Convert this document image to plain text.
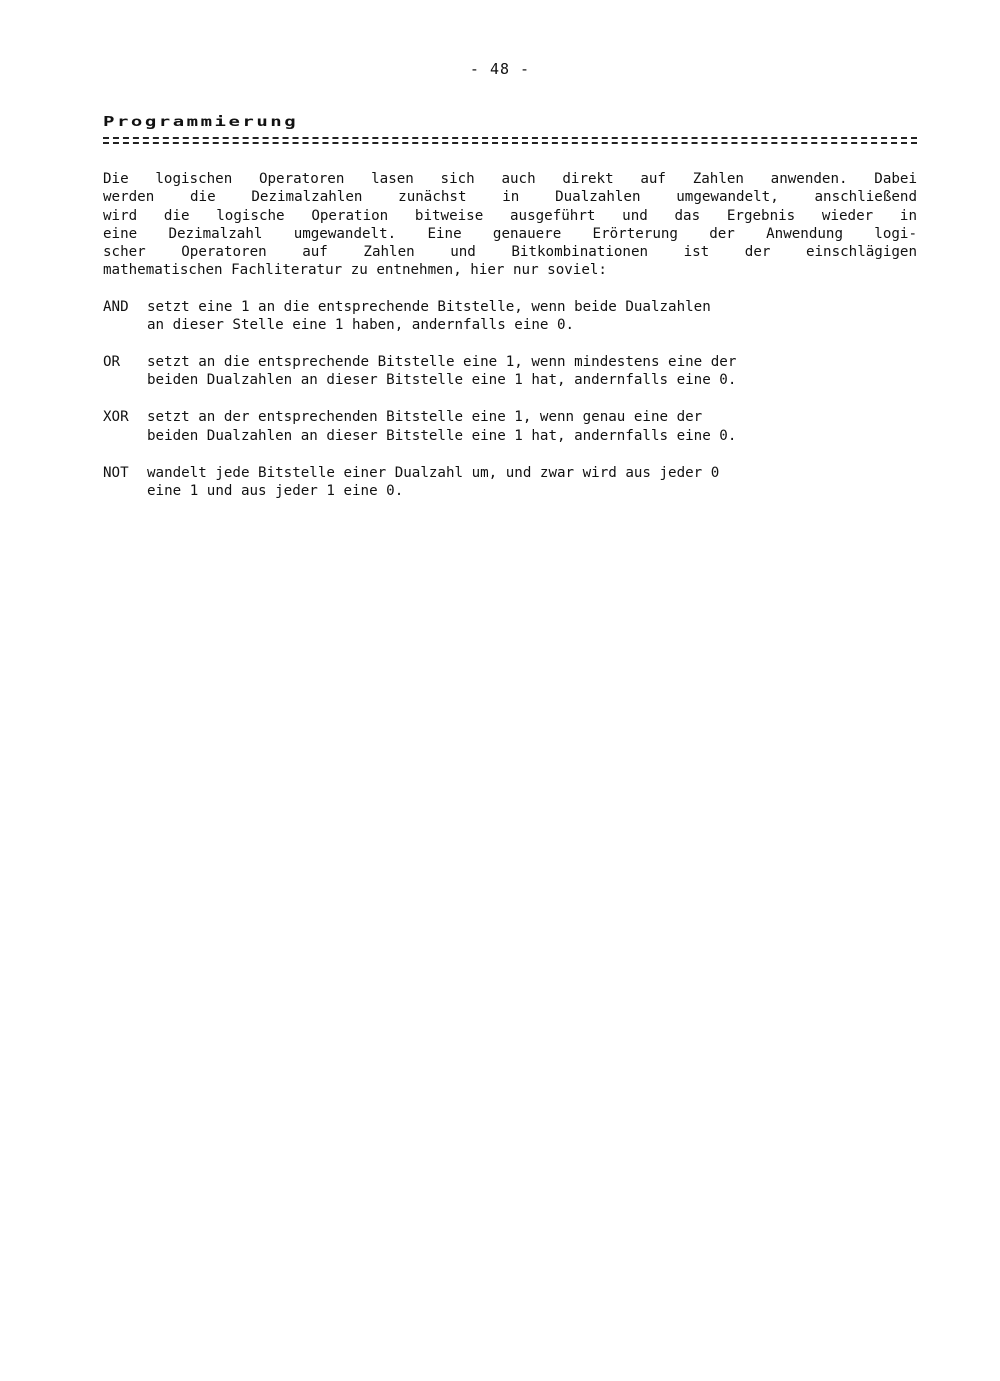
- 48 -
Programmierung
Die logischen Operatoren lasen sich auch direkt auf Zahlen anwenden. Dabei
werden die Dezimalzahlen zunächst in Dualzahlen umgewandelt, anschließend
wird die logische Operation bitweise ausgeführt und das Ergebnis wieder in
eine Dezimalzahl umgewandelt. Eine genauere Erörterung der Anwendung logi-
scher Operatoren auf Zahlen und Bitkombinationen ist der einschlägigen
mathematischen Fachliteratur zu entnehmen, hier nur soviel:
AND	setzt eine 1 an die entsprechende Bitstelle, wenn beide Dualzahlen
an dieser Stelle eine 1 haben, andernfalls eine 0.
OR	setzt an die entsprechende Bitstelle eine 1, wenn mindestens eine der
beiden Dualzahlen an dieser Bitstelle eine 1 hat, andernfalls eine 0.
XOR	setzt an der entsprechenden Bitstelle eine 1, wenn genau eine der
beiden Dualzahlen an dieser Bitstelle eine 1 hat, andernfalls eine 0.
NOT	wandelt jede Bitstelle einer Dualzahl um, und zwar wird aus jeder 0
eine 1 und aus jeder 1 eine 0.
